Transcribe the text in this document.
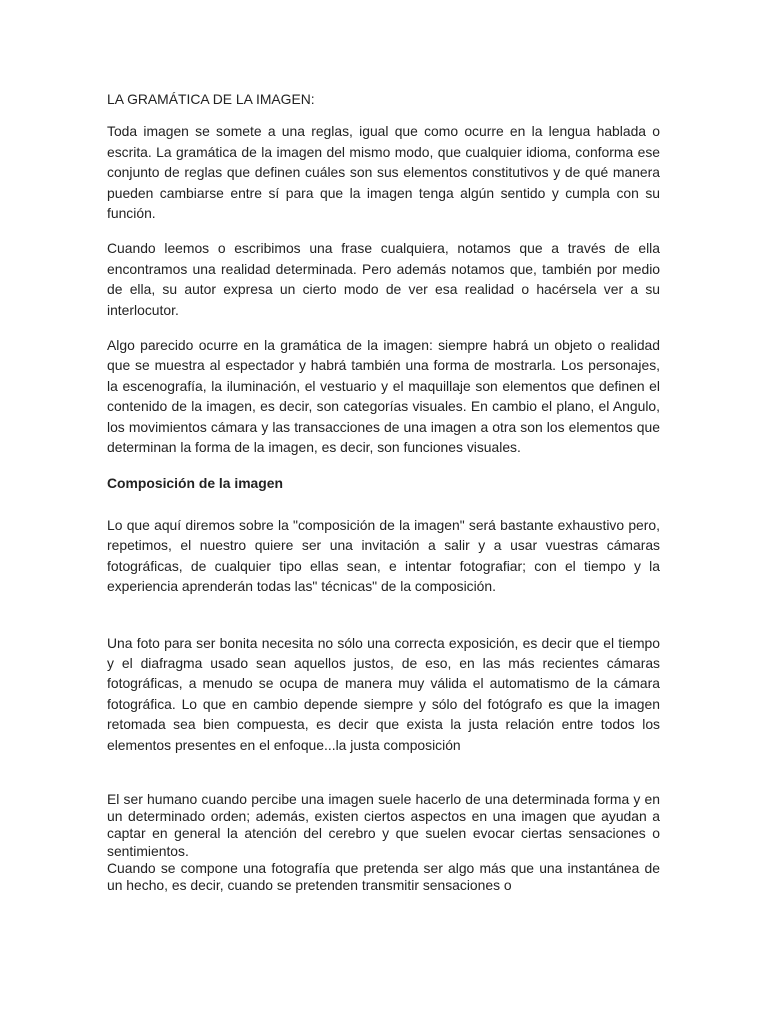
LA GRAMÁTICA DE LA IMAGEN:

Toda imagen se somete a una reglas, igual que como ocurre en la lengua hablada o escrita. La gramática de la imagen del mismo modo, que cualquier idioma, conforma ese conjunto de reglas que definen cuáles son sus elementos constitutivos y de qué manera pueden cambiarse entre sí para que la imagen tenga algún sentido y cumpla con su función.

Cuando leemos o escribimos una frase cualquiera, notamos que a través de ella encontramos una realidad determinada. Pero además notamos que, también por medio de ella, su autor expresa un cierto modo de ver esa realidad o hacérsela ver a su interlocutor.

Algo parecido ocurre en la gramática de la imagen: siempre habrá un objeto o realidad que se muestra al espectador y habrá también una forma de mostrarla. Los personajes, la escenografía, la iluminación, el vestuario y el maquillaje son elementos que definen el contenido de la imagen, es decir, son categorías visuales. En cambio el plano, el Angulo, los movimientos cámara y las transacciones de una imagen a otra son los elementos que determinan la forma de la imagen, es decir, son funciones visuales.

Composición de la imagen

Lo que aquí diremos sobre la "composición de la imagen" será bastante exhaustivo pero, repetimos, el nuestro quiere ser una invitación a salir y a usar vuestras cámaras fotográficas, de cualquier tipo ellas sean, e intentar fotografiar; con el tiempo y la experiencia aprenderán todas las" técnicas" de la composición.

Una foto para ser bonita necesita no sólo una correcta exposición, es decir que el tiempo y el diafragma usado sean aquellos justos, de eso, en las más recientes cámaras fotográficas, a menudo se ocupa de manera muy válida el automatismo de la cámara fotográfica. Lo que en cambio depende siempre y sólo del fotógrafo es que la imagen retomada sea bien compuesta, es decir que exista la justa relación entre todos los elementos presentes en el enfoque...la justa composición

El ser humano cuando percibe una imagen suele hacerlo de una determinada forma y en un determinado orden; además, existen ciertos aspectos en una imagen que ayudan a captar en general la atención del cerebro y que suelen evocar ciertas sensaciones o sentimientos.

Cuando se compone una fotografía que pretenda ser algo más que una instantánea de un hecho, es decir, cuando se pretenden transmitir sensaciones o
